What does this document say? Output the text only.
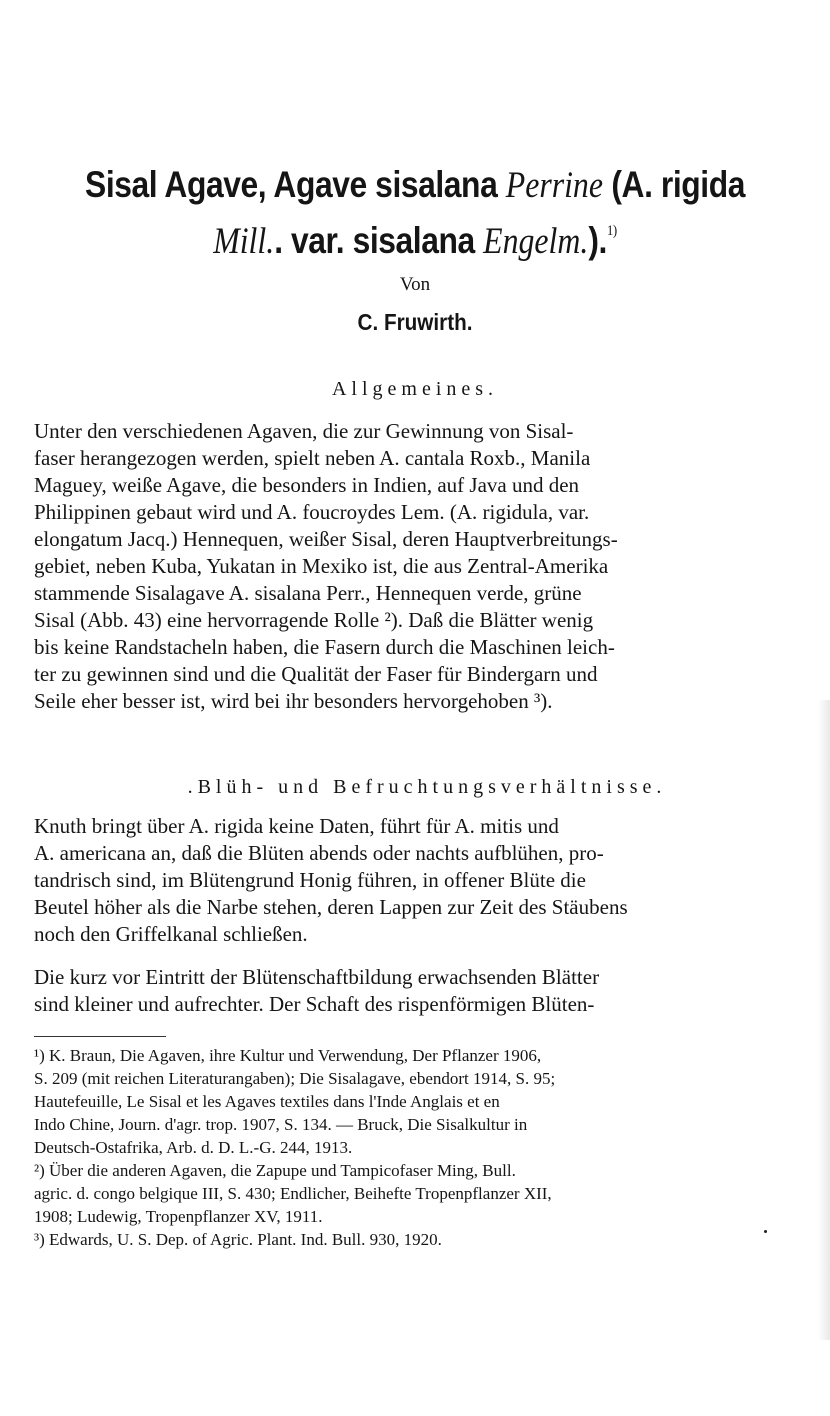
Sisal Agave, Agave sisalana Perrine (A. rigida
Mill.. var. sisalana Engelm.).$^{1)}$
Von
C. Fruwirth.
Allgemeines.
Unter den verschiedenen Agaven, die zur Gewinnung von Sisal-
faser herangezogen werden, spielt neben A. cantala Roxb., Manila
Maguey, weiße Agave, die besonders in Indien, auf Java und den
Philippinen gebaut wird und A. foucroydes Lem. (A. rigidula, var.
elongatum Jacq.) Hennequen, weißer Sisal, deren Hauptverbreitungs-
gebiet, neben Kuba, Yukatan in Mexiko ist, die aus Zentral-Amerika
stammende Sisalagave A. sisalana Perr., Hennequen verde, grüne
Sisal (Abb. 43) eine hervorragende Rolle ²). Daß die Blätter wenig
bis keine Randstacheln haben, die Fasern durch die Maschinen leich-
ter zu gewinnen sind und die Qualität der Faser für Bindergarn und
Seile eher besser ist, wird bei ihr besonders hervorgehoben ³).
.Blüh- und Befruchtungsverhältnisse.
Knuth bringt über A. rigida keine Daten, führt für A. mitis und
A. americana an, daß die Blüten abends oder nachts aufblühen, pro-
tandrisch sind, im Blütengrund Honig führen, in offener Blüte die
Beutel höher als die Narbe stehen, deren Lappen zur Zeit des Stäubens
noch den Griffelkanal schließen.
Die kurz vor Eintritt der Blütenschaftbildung erwachsenden Blätter
sind kleiner und aufrechter. Der Schaft des rispenförmigen Blüten-
¹) K. Braun, Die Agaven, ihre Kultur und Verwendung, Der Pflanzer 1906,
S. 209 (mit reichen Literaturangaben); Die Sisalagave, ebendort 1914, S. 95;
Hautefeuille, Le Sisal et les Agaves textiles dans l'Inde Anglais et en
Indo Chine, Journ. d'agr. trop. 1907, S. 134. — Bruck, Die Sisalkultur in
Deutsch-Ostafrika, Arb. d. D. L.-G. 244, 1913.
²) Über die anderen Agaven, die Zapupe und Tampicofaser Ming, Bull.
agric. d. congo belgique III, S. 430; Endlicher, Beihefte Tropenpflanzer XII,
1908; Ludewig, Tropenpflanzer XV, 1911.
³) Edwards, U. S. Dep. of Agric. Plant. Ind. Bull. 930, 1920.
